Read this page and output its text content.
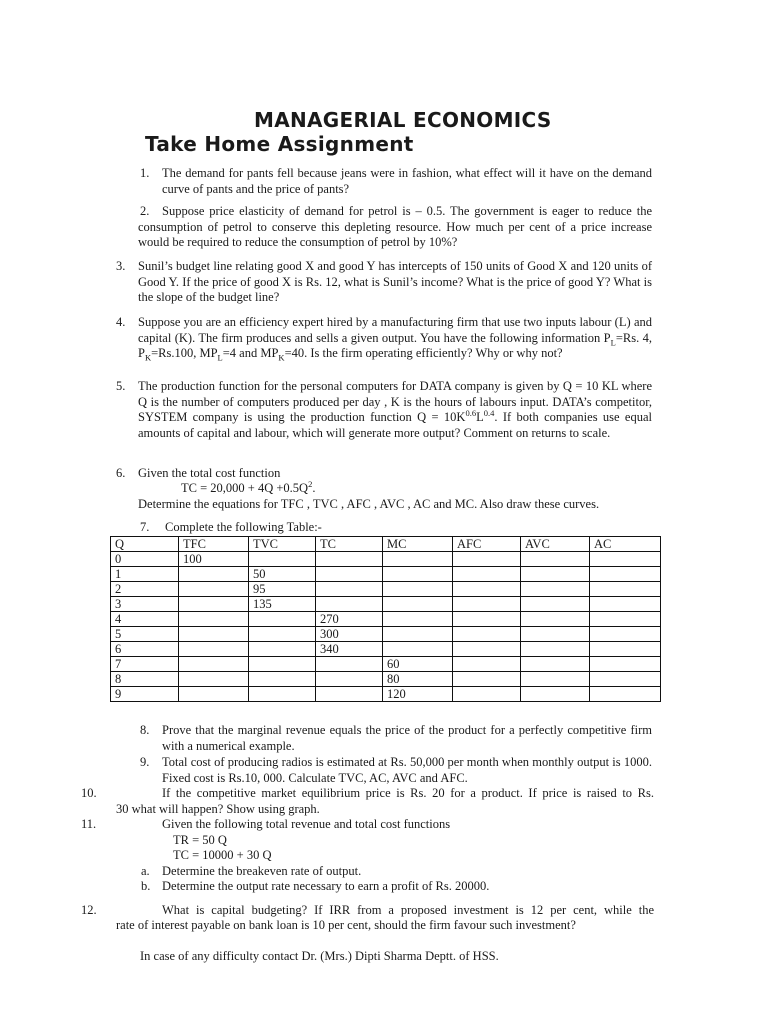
MANAGERIAL ECONOMICS
Take Home Assignment
1. The demand for pants fell because jeans were in fashion, what effect will it have on the demand curve of pants and the price of pants?
2.	Suppose price elasticity of demand for petrol is – 0.5. The government is eager to reduce the consumption of petrol to conserve this depleting resource. How much per cent of a price increase would be required to reduce the consumption of petrol by 10%?
3. Sunil’s budget line relating good X and good Y has intercepts of 150 units of Good X and 120 units of Good Y. If the price of good X is Rs. 12, what is Sunil’s income? What is the price of good Y? What is the slope of the budget line?
4. Suppose you are an efficiency expert hired by a manufacturing firm that use two inputs labour (L) and capital (K). The firm produces and sells a given output. You have the following information $P_L=Rs$. 4, $P_K=Rs.100$, $MP_L=4$ and $MP_K=40$. Is the firm operating efficiently? Why or why not?
5. The production function for the personal computers for DATA company is given by Q = 10 KL where Q is the number of computers produced per day , K is the hours of labours input. DATA’s competitor, SYSTEM company is using the production function $Q = 10K^{0.6}L^{0.4}$. If both companies use equal amounts of capital and labour, which will generate more output? Comment on returns to scale.
6. Given the total cost function
TC = $20,000 + 4Q +0.5Q^2$.
Determine the equations for TFC , TVC , AFC , AVC , AC and MC. Also draw these curves.
7. Complete the following Table:-
Q	TFC	TVC	TC	MC	AFC	AVC	AC
0	100						
1		50					
2		95					
3		135					
4			270				
5			300				
6			340				
7				60			
8				80			
9				120			
8. Prove that the marginal revenue equals the price of the product for a perfectly competitive firm with a numerical example.
9. Total cost of producing radios is estimated at Rs. 50,000 per month when monthly output is 1000. Fixed cost is Rs.10, 000. Calculate TVC, AC, AVC and AFC.
10.	If the competitive market equilibrium price is Rs. 20 for a product. If price is raised to Rs.
30 what will happen? Show using graph.
11.	Given the following total revenue and total cost functions
TR = 50 Q
TC = 10000 + 30 Q
a. Determine the breakeven rate of output.
b. Determine the output rate necessary to earn a profit of Rs. 20000.
12.	What is capital budgeting? If IRR from a proposed investment is 12 per cent, while the
rate of interest payable on bank loan is 10 per cent, should the firm favour such investment?
In case of any difficulty contact Dr. (Mrs.) Dipti Sharma Deptt. of HSS.
